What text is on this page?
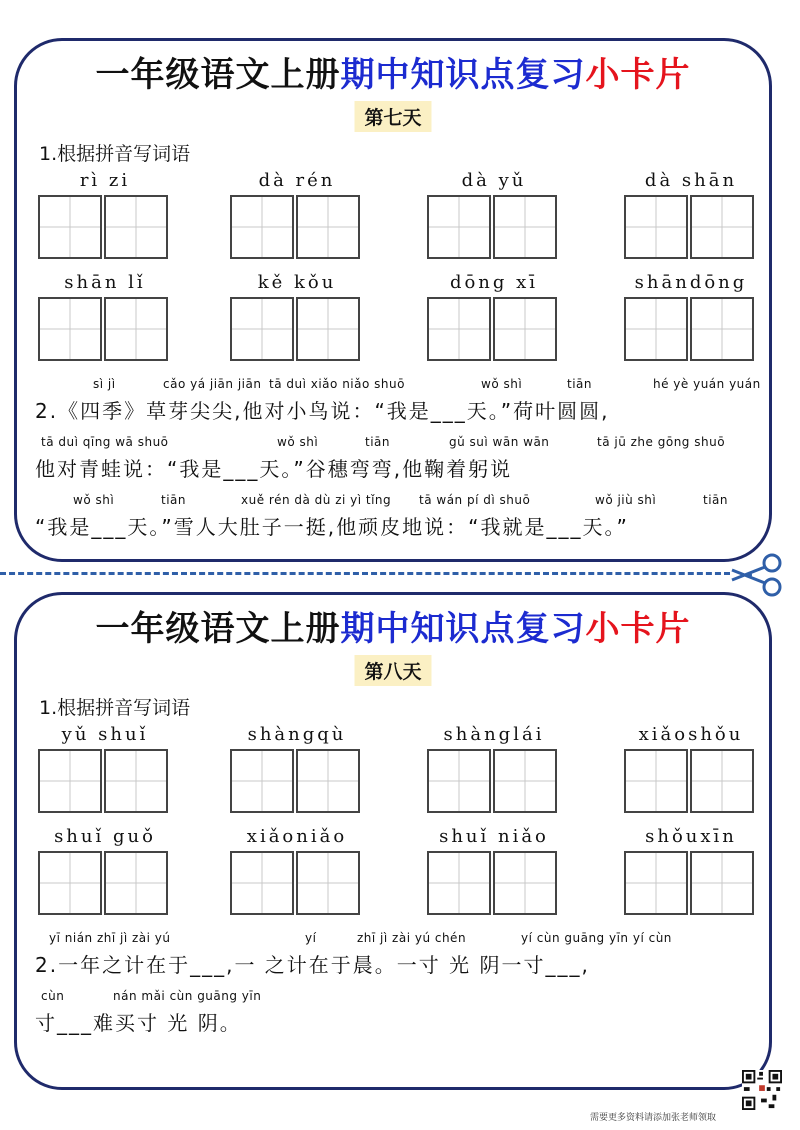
一年级语文上册期中知识点复习小卡片
第七天
1.根据拼音写词语
rì zi	dà rén	dà yǔ	dà shān
shān lǐ	kě kǒu	dōng xī	shāndōng
sì jì	cǎo yá jiān jiān tā duì xiǎo niǎo shuō	wǒ shì	tiān	hé yè yuán yuán
2.《四季》草芽尖尖,他对小鸟说：“我是___天。”荷叶圆圆,
tā duì qīng wā shuō	wǒ shì	tiān	gǔ suì wān wān	tā jū zhe gōng shuō
他对青蛙说：“我是___天。”谷穗弯弯,他鞠着躬说
wǒ shì	tiān	xuě rén dà dù zi yì tǐng tā wán pí dì shuō	wǒ jiù shì	tiān
“我是___天。”雪人大肚子一挺,他顽皮地说：“我就是___天。”
一年级语文上册期中知识点复习小卡片
第八天
1.根据拼音写词语
yǔ shuǐ	shàngqù	shànglái	xiǎoshǒu
shuǐ guǒ	xiǎoniǎo	shuǐ niǎo	shǒuxīn
yī nián zhī jì zài yú	yí	zhī jì zài yú chén	yí cùn guāng yīn yí cùn
2.一年之计在于___,一 之计在于晨。一寸 光 阴一寸___,
cùn	nán mǎi cùn guāng yīn
寸___难买寸 光 阴。
需要更多资料请添加张老师领取
